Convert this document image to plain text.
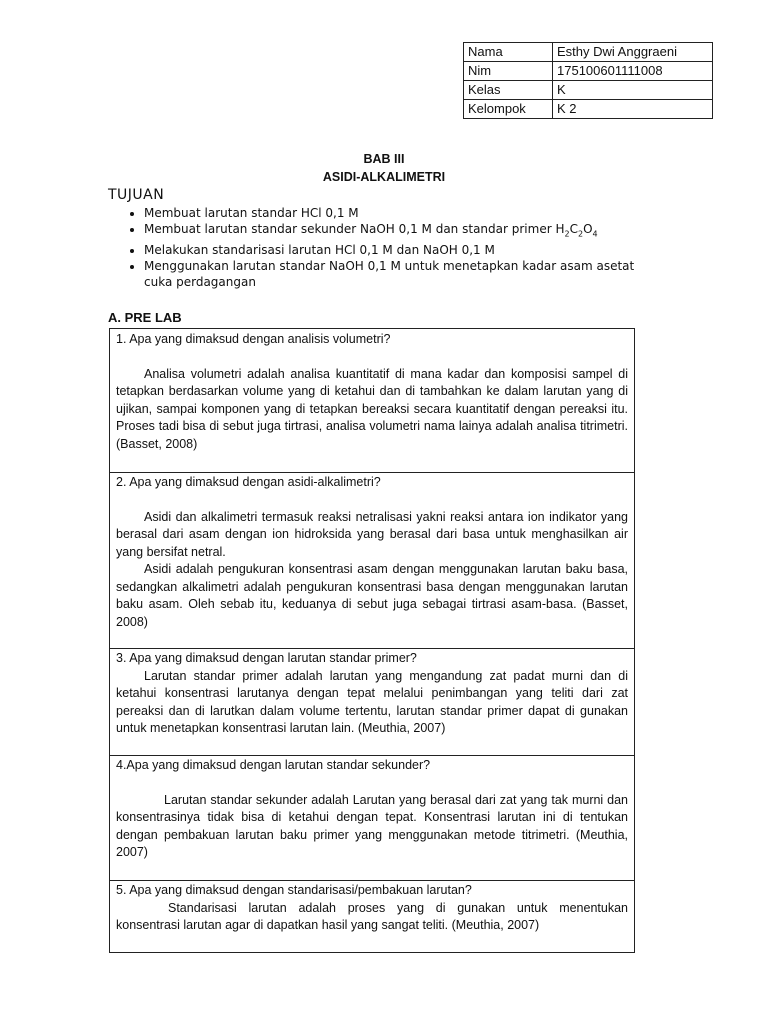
Nama	Esthy Dwi Anggraeni
Nim	175100601111008
Kelas	K
Kelompok	K 2
BAB III
ASIDI-ALKALIMETRI
TUJUAN
• Membuat larutan standar HCl 0,1 M
• Membuat larutan standar sekunder NaOH 0,1 M dan standar primer $H_2C_2O_4$
• Melakukan standarisasi larutan HCl 0,1 M dan NaOH 0,1 M
• Menggunakan larutan standar NaOH 0,1 M untuk menetapkan kadar asam asetat cuka perdagangan
A. PRE LAB

1. Apa yang dimaksud dengan analisis volumetri?

Analisa volumetri adalah analisa kuantitatif di mana kadar dan komposisi sampel di tetapkan berdasarkan volume yang di ketahui dan di tambahkan ke dalam larutan yang di ujikan, sampai komponen yang di tetapkan bereaksi secara kuantitatif dengan pereaksi itu. Proses tadi bisa di sebut juga tirtrasi, analisa volumetri nama lainya adalah analisa titrimetri. (Basset, 2008)

2. Apa yang dimaksud dengan asidi-alkalimetri?

Asidi dan alkalimetri termasuk reaksi netralisasi yakni reaksi antara ion indikator yang berasal dari asam dengan ion hidroksida yang berasal dari basa untuk menghasilkan air yang bersifat netral.

Asidi adalah pengukuran konsentrasi asam dengan menggunakan larutan baku basa, sedangkan alkalimetri adalah pengukuran konsentrasi basa dengan menggunakan larutan baku asam. Oleh sebab itu, keduanya di sebut juga sebagai tirtrasi asam-basa. (Basset, 2008)

3. Apa yang dimaksud dengan larutan standar primer?

Larutan standar primer adalah larutan yang mengandung zat padat murni dan di ketahui konsentrasi larutanya dengan tepat melalui penimbangan yang teliti dari zat pereaksi dan di larutkan dalam volume tertentu, larutan standar primer dapat di gunakan untuk menetapkan konsentrasi larutan lain. (Meuthia, 2007)

4.Apa yang dimaksud dengan larutan standar sekunder?

Larutan standar sekunder adalah Larutan yang berasal dari zat yang tak murni dan konsentrasinya tidak bisa di ketahui dengan tepat. Konsentrasi larutan ini di tentukan dengan pembakuan larutan baku primer yang menggunakan metode titrimetri. (Meuthia, 2007)

5. Apa yang dimaksud dengan standarisasi/pembakuan larutan?

Standarisasi larutan adalah proses yang di gunakan untuk menentukan konsentrasi larutan agar di dapatkan hasil yang sangat teliti. (Meuthia, 2007)
